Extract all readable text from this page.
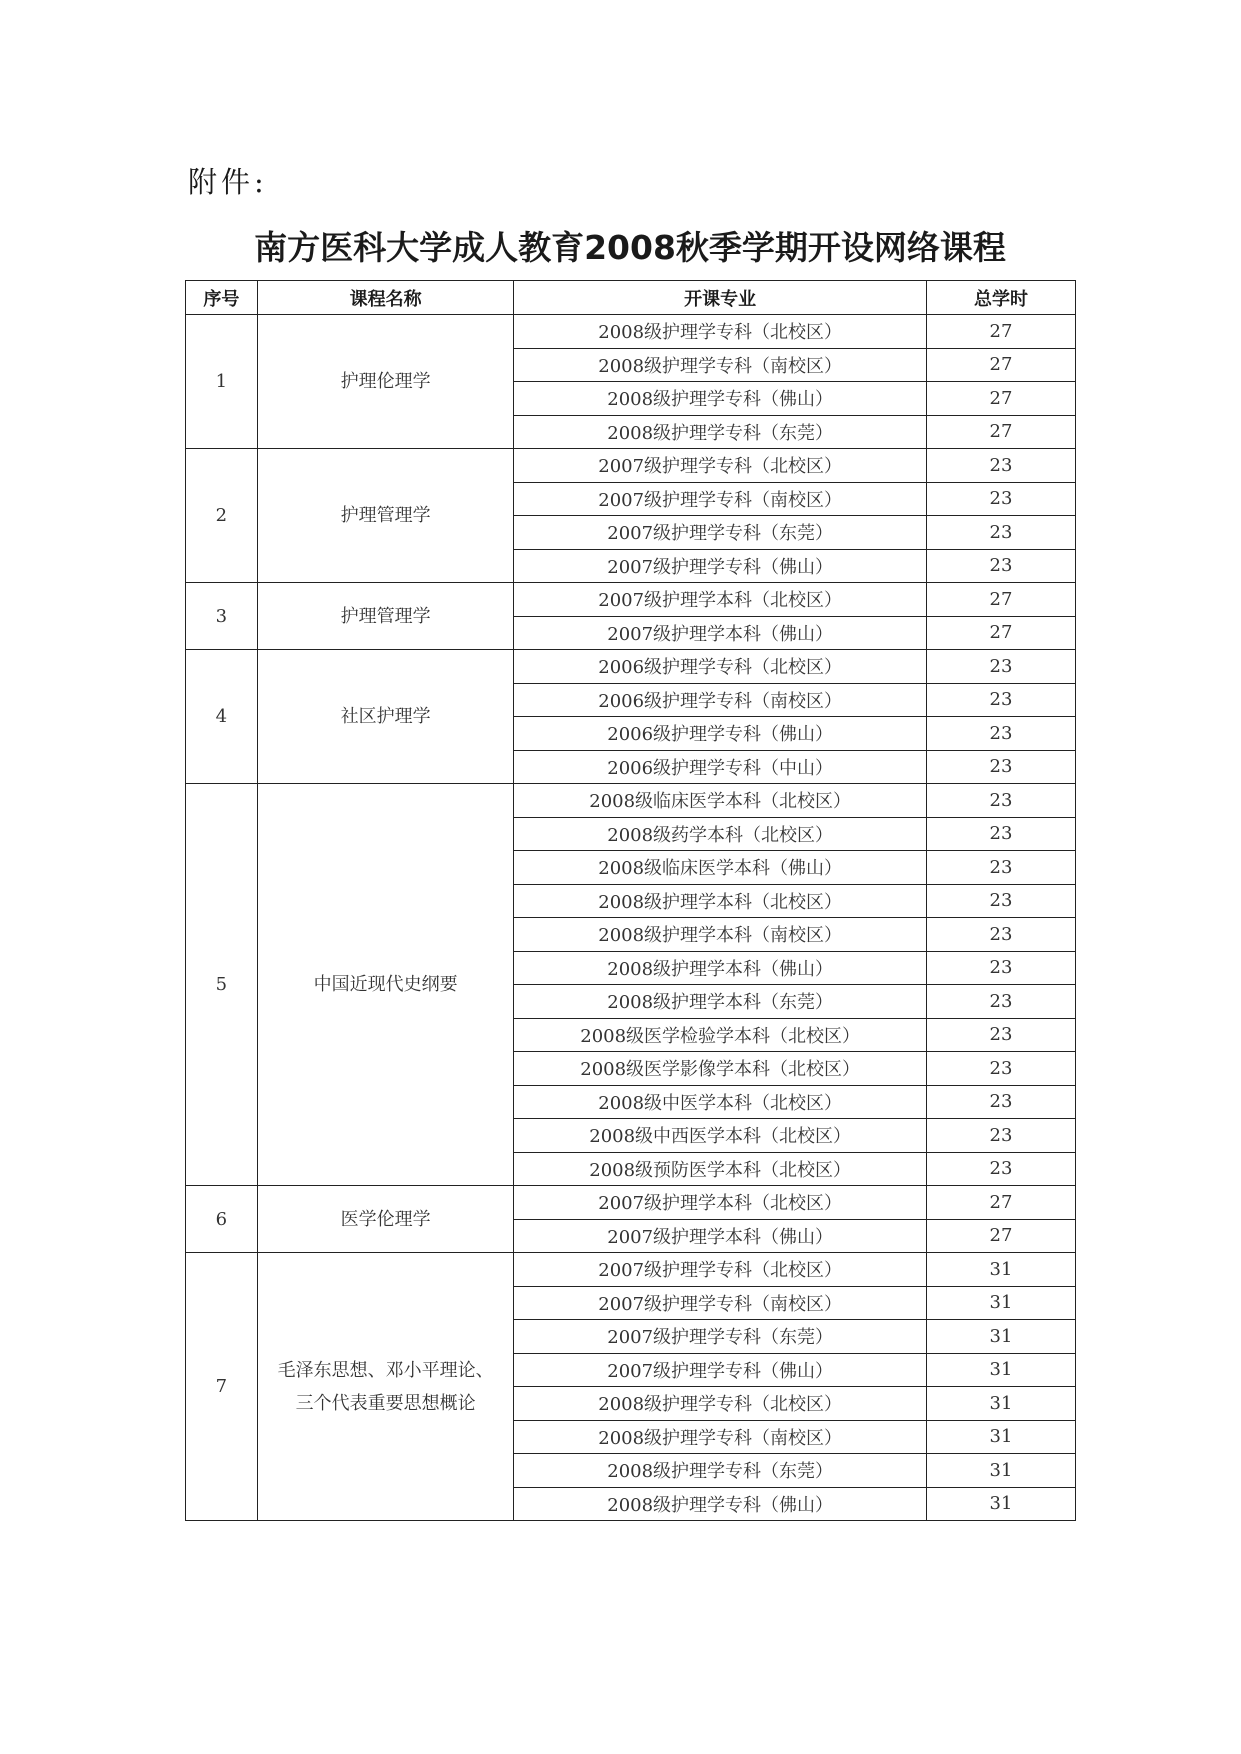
附件:
南方医科大学成人教育2008秋季学期开设网络课程
序号	课程名称	开课专业	总学时
1	护理伦理学	2008级护理学专科（北校区）	27
		2008级护理学专科（南校区）	27
		2008级护理学专科（佛山）	27
		2008级护理学专科（东莞）	27
2	护理管理学	2007级护理学专科（北校区）	23
		2007级护理学专科（南校区）	23
		2007级护理学专科（东莞）	23
		2007级护理学专科（佛山）	23
3	护理管理学	2007级护理学本科（北校区）	27
		2007级护理学本科（佛山）	27
4	社区护理学	2006级护理学专科（北校区）	23
		2006级护理学专科（南校区）	23
		2006级护理学专科（佛山）	23
		2006级护理学专科（中山）	23
5	中国近现代史纲要	2008级临床医学本科（北校区）	23
		2008级药学本科（北校区）	23
		2008级临床医学本科（佛山）	23
		2008级护理学本科（北校区）	23
		2008级护理学本科（南校区）	23
		2008级护理学本科（佛山）	23
		2008级护理学本科（东莞）	23
		2008级医学检验学本科（北校区）	23
		2008级医学影像学本科（北校区）	23
		2008级中医学本科（北校区）	23
		2008级中西医学本科（北校区）	23
		2008级预防医学本科（北校区）	23
6	医学伦理学	2007级护理学本科（北校区）	27
		2007级护理学本科（佛山）	27
7	毛泽东思想、邓小平理论、
三个代表重要思想概论	2007级护理学专科（北校区）	31
		2007级护理学专科（南校区）	31
		2007级护理学专科（东莞）	31
		2007级护理学专科（佛山）	31
		2008级护理学专科（北校区）	31
		2008级护理学专科（南校区）	31
		2008级护理学专科（东莞）	31
		2008级护理学专科（佛山）	31
